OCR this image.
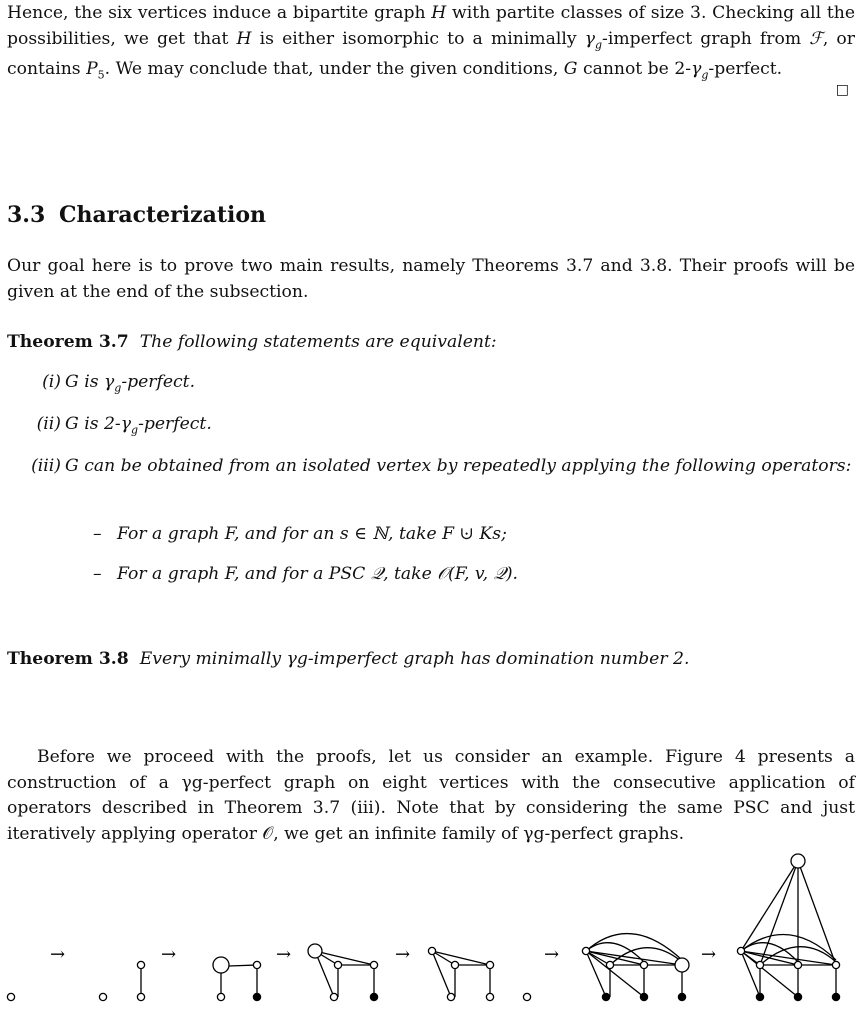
Hence, the six vertices induce a bipartite graph H with partite classes of size 3. Checking all the possibilities, we get that H is either isomorphic to a minimally $\gamma_g$-imperfect graph from ℱ, or contains $P_5$. We may conclude that, under the given conditions, G cannot be $2-\gamma_g$-perfect.

□
3.3 Characterization

Our goal here is to prove two main results, namely Theorems 3.7 and 3.8. Their proofs will be given at the end of the subsection.

Theorem 3.7 The following statements are equivalent:
(i) G is $\gamma_g$-perfect.
(ii) G is $2-\gamma_g$-perfect.
(iii) G can be obtained from an isolated vertex by repeatedly applying the following operators:
– For a graph F, and for an s ∈ ℕ, take F ⊍ Ks;
– For a graph F, and for a PSC 𝒬, take 𝒪(F, v, 𝒬).
Theorem 3.8 Every minimally γg-imperfect graph has domination number 2.

Before we proceed with the proofs, let us consider an example. Figure 4 presents a construction of a γg-perfect graph on eight vertices with the consecutive application of operators described in Theorem 3.7 (iii). Note that by considering the same PSC and just iteratively applying operator 𝒪, we get an infinite family of γg-perfect graphs.

→	→	→	→	→	→
